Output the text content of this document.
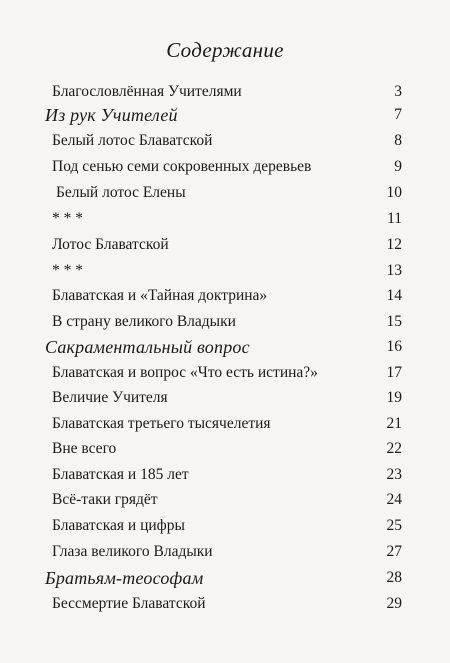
Содержание
Благословлённая Учителями	3
Из рук Учителей	7
Белый лотос Блаватской	8
Под сенью семи сокровенных деревьев	9
Белый лотос Елены	10
* * *	11
Лотос Блаватской	12
* * *	13
Блаватская и «Тайная доктрина»	14
В страну великого Владыки	15
Сакраментальный вопрос	16
Блаватская и вопрос «Что есть истина?»	17
Величие Учителя	19
Блаватская третьего тысячелетия	21
Вне всего	22
Блаватская и 185 лет	23
Всё-таки грядёт	24
Блаватская и цифры	25
Глаза великого Владыки	27
Братьям-теософам	28
Бессмертие Блаватской	29
